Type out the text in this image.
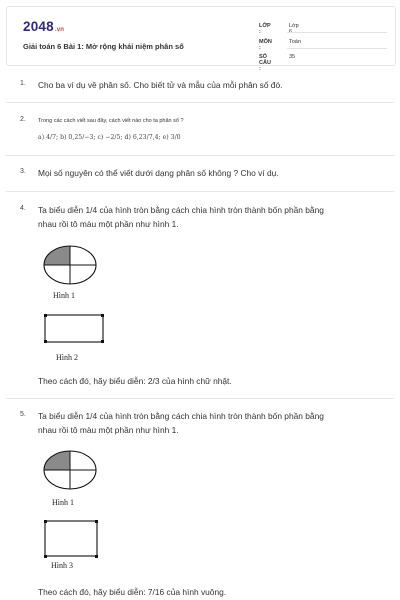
2048.vn
Giải toán 6 Bài 1: Mở rộng khái niệm phân số
LỚP :
Lớp 6
MÔN :
Toán
SỐ CÂU :
35
1. Cho ba ví dụ về phân số. Cho biết tử và mẫu của mỗi phân số đó.
2. Trong các cách viết sau đây, cách viết nào cho ta phân số ?
a) 4/7; b) 0,25/−3; c) −2/5; d) 6,23/7,4; e) 3/0
3. Mọi số nguyên có thể viết dưới dạng phân số không ? Cho ví dụ.
4. Ta biểu diễn 1/4 của hình tròn bằng cách chia hình tròn thành bốn phần bằng
nhau rồi tô màu một phần như hình 1.
Hình 1
Hình 2
Theo cách đó, hãy biểu diễn: 2/3 của hình chữ nhật.
5. Ta biểu diễn 1/4 của hình tròn bằng cách chia hình tròn thành bốn phần bằng
nhau rồi tô màu một phần như hình 1.
Hình 1
Hình 3
Theo cách đó, hãy biểu diễn: 7/16 của hình vuông.
